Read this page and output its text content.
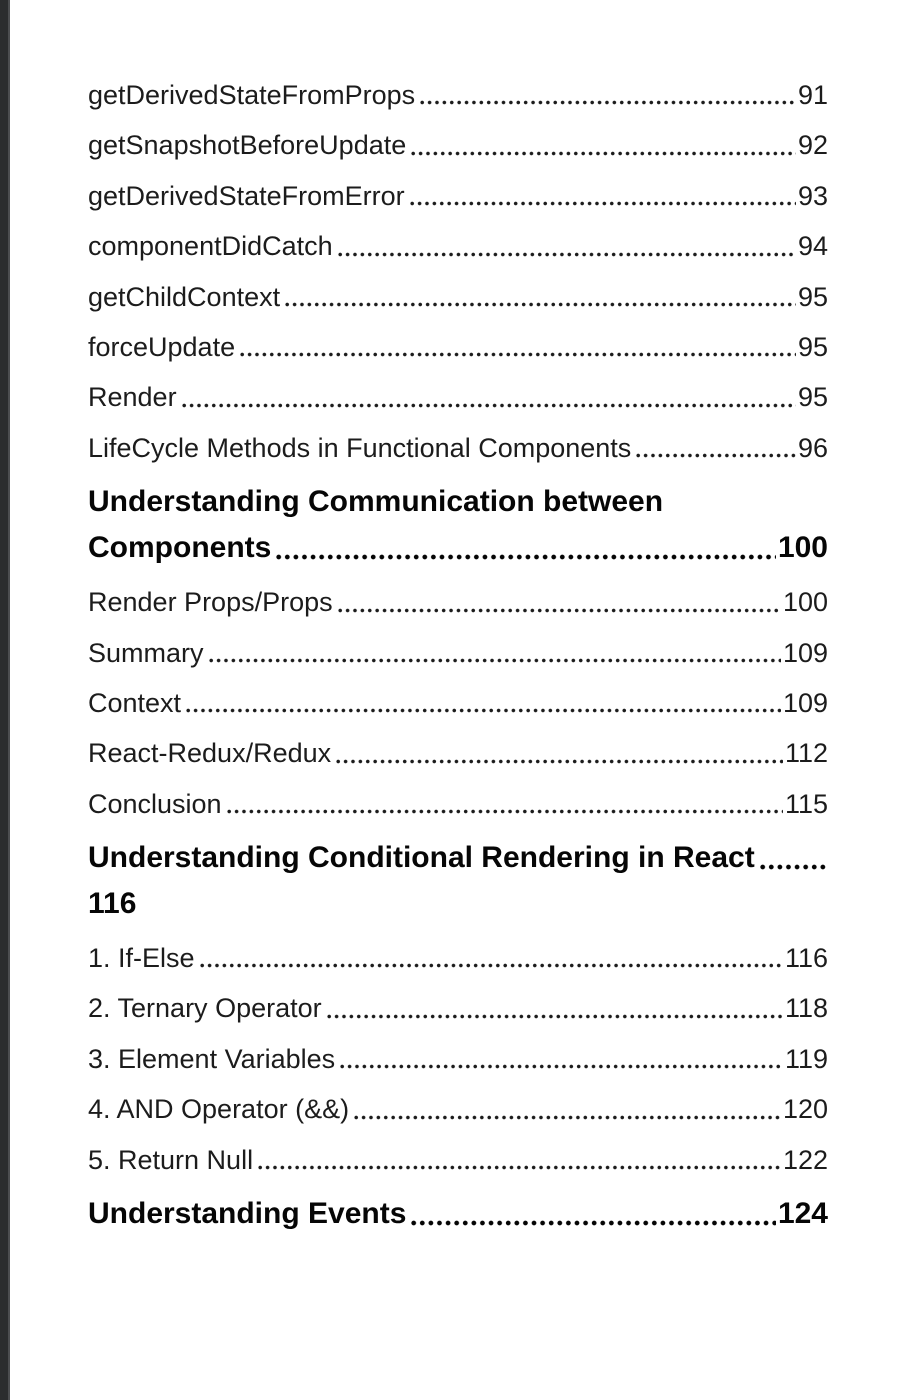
getDerivedStateFromProps	91
getSnapshotBeforeUpdate	92
getDerivedStateFromError	93
componentDidCatch	94
getChildContext	95
forceUpdate	95
Render	95
LifeCycle Methods in Functional Components	96
Understanding Communication between
Components	100
Render Props/Props	100
Summary	109
Context	109
React-Redux/Redux	112
Conclusion	115
Understanding Conditional Rendering in React
116
1. If-Else	116
2. Ternary Operator	118
3. Element Variables	119
4. AND Operator (&&)	120
5. Return Null	122
Understanding Events	124
